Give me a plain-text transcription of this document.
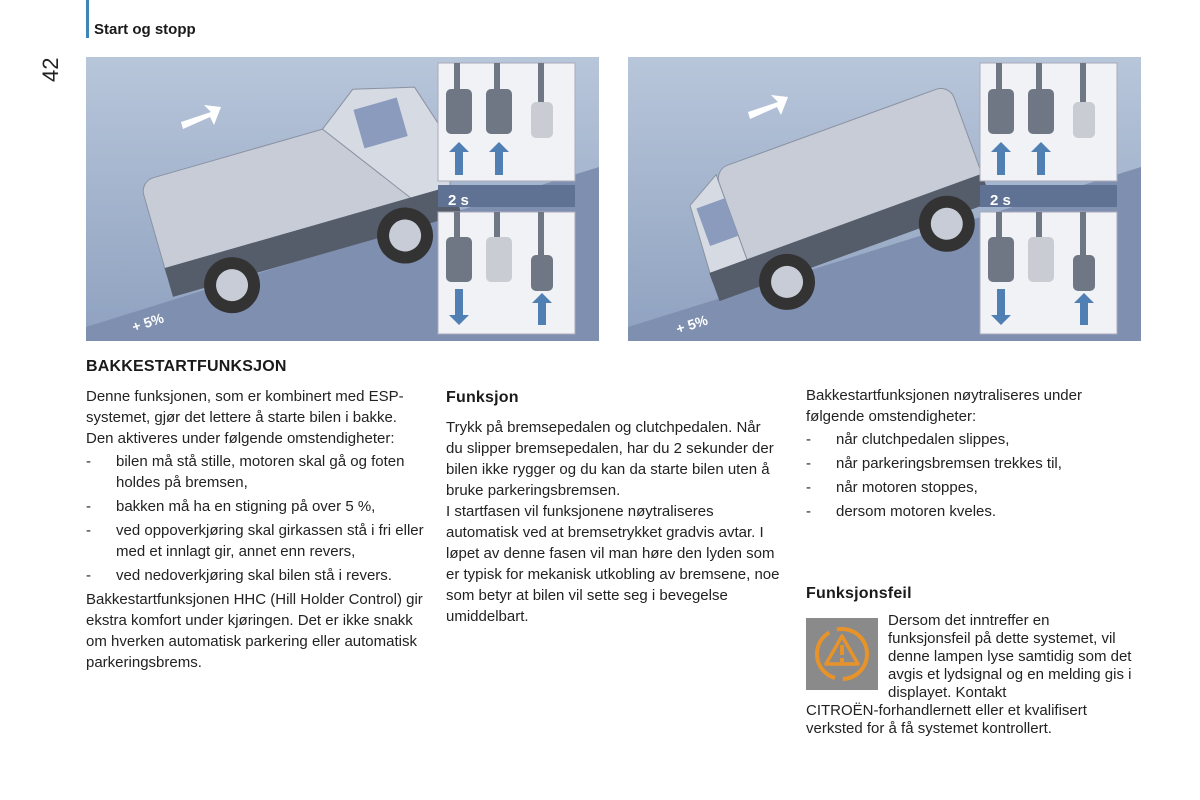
Start og stopp
42
+ 5%
2 s
+ 5%
2 s
BAKKESTARTFUNKSJON

Denne funksjonen, som er kombinert med ESP-systemet, gjør det lettere å starte bilen i bakke. Den aktiveres under følgende omstendigheter:

- bilen må stå stille, motoren skal gå og foten holdes på bremsen,
- bakken må ha en stigning på over 5 %,
- ved oppoverkjøring skal girkassen stå i fri eller med et innlagt gir, annet enn revers,
- ved nedoverkjøring skal bilen stå i revers.

Bakkestartfunksjonen HHC (Hill Holder Control) gir ekstra komfort under kjøringen. Det er ikke snakk om hverken automatisk parkering eller automatisk parkeringsbrems.

Funksjon

Trykk på bremsepedalen og clutchpedalen. Når du slipper bremsepedalen, har du 2 sekunder der bilen ikke rygger og du kan da starte bilen uten å bruke parkeringsbremsen.

I startfasen vil funksjonene nøytraliseres automatisk ved at bremsetrykket gradvis avtar. I løpet av denne fasen vil man høre den lyden som er typisk for mekanisk utkobling av bremsene, noe som betyr at bilen vil sette seg i bevegelse umiddelbart.

Bakkestartfunksjonen nøytraliseres under følgende omstendigheter:

- når clutchpedalen slippes,
- når parkeringsbremsen trekkes til,
- når motoren stoppes,
- dersom motoren kveles.
Funksjonsfeil

Dersom det inntreffer en funksjonsfeil på dette systemet, vil denne lampen lyse samtidig som det avgis et lydsignal og en melding gis i displayet. Kontakt

CITROËN-forhandlernett eller et kvalifisert verksted for å få systemet kontrollert.
